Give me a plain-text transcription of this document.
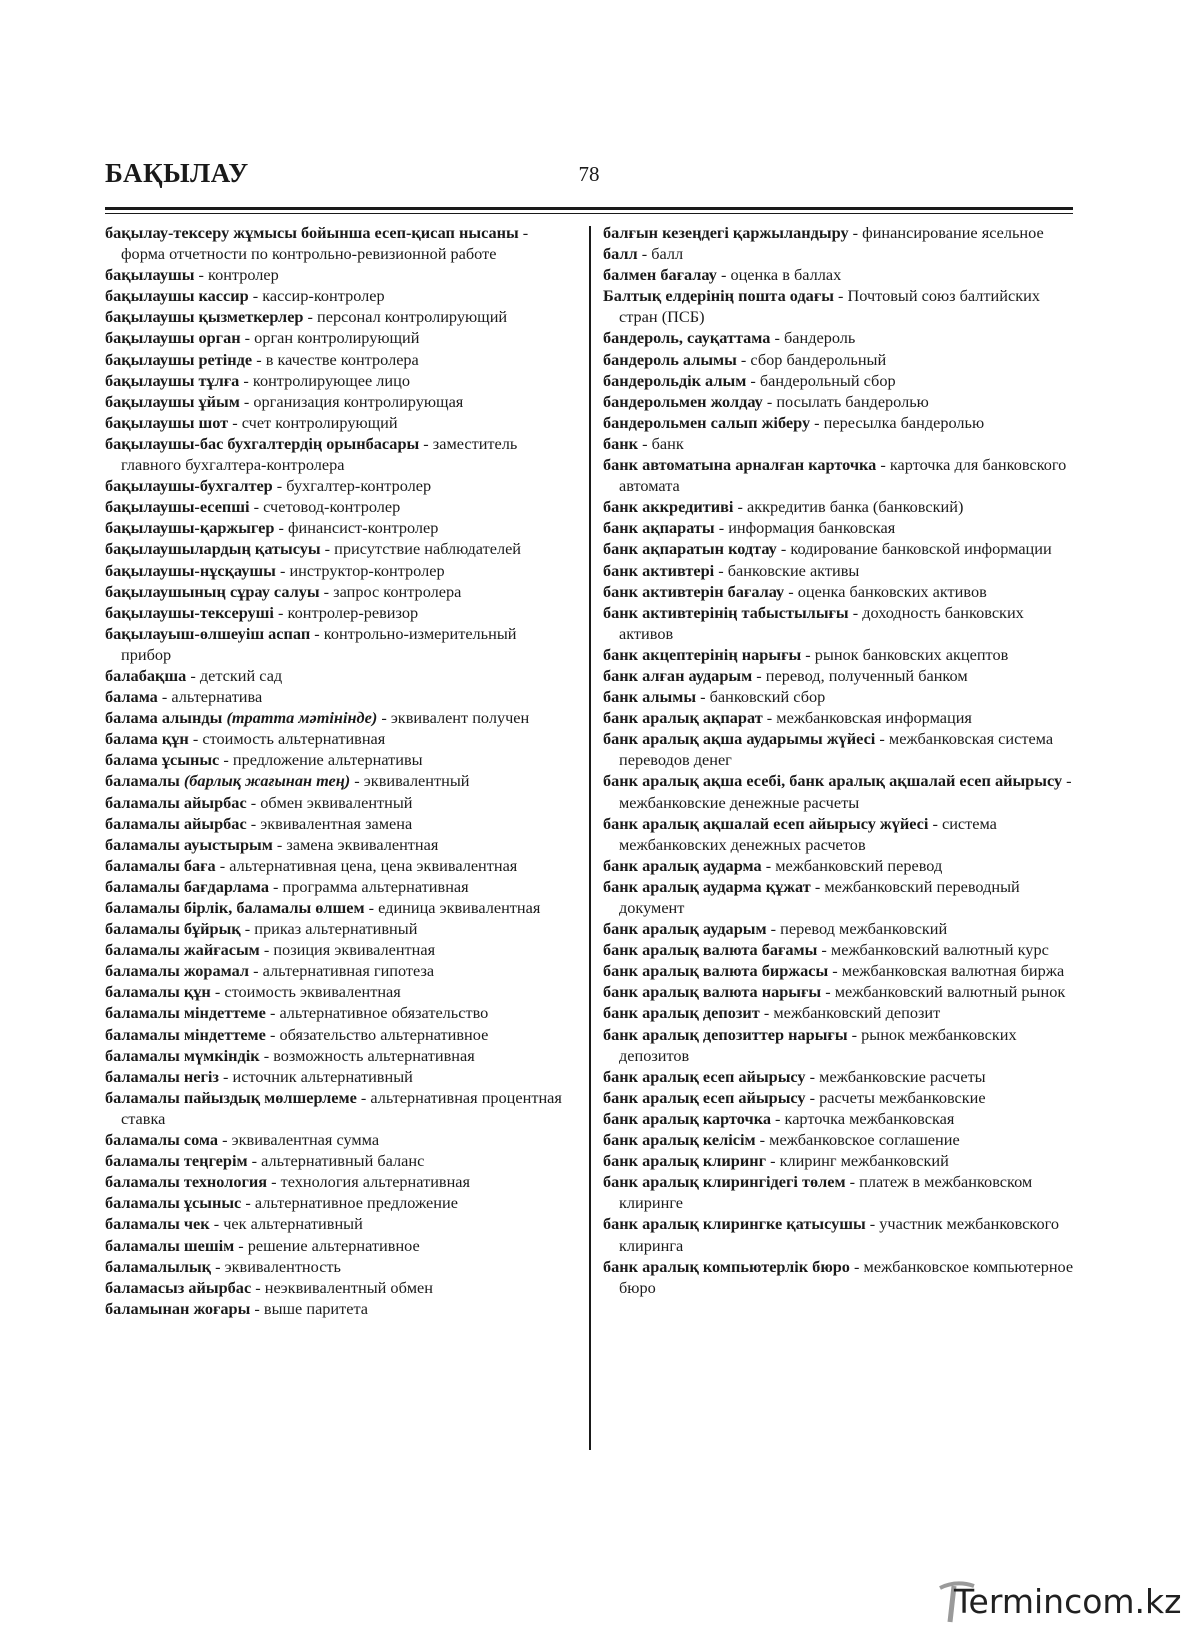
БАҚЫЛАУ	78

бақылау-тексеру жұмысы бойынша есеп-қисап нысаны - форма отчетности по контрольно-ревизионной работе

бақылаушы - контролер

бақылаушы кассир - кассир-контролер

бақылаушы қызметкерлер - персонал контролирующий

бақылаушы орган - орган контролирующий

бақылаушы ретінде - в качестве контролера

бақылаушы тұлға - контролирующее лицо

бақылаушы ұйым - организация контролирующая

бақылаушы шот - счет контролирующий

бақылаушы-бас бухгалтердің орынбасары - заместитель главного бухгалтера-контролера

бақылаушы-бухгалтер - бухгалтер-контролер

бақылаушы-есепші - счетовод-контролер

бақылаушы-қаржыгер - финансист-контролер

бақылаушылардың қатысуы - присутствие наблюдателей

бақылаушы-нұсқаушы - инструктор-контролер

бақылаушының сұрау салуы - запрос контролера

бақылаушы-тексеруші - контролер-ревизор

бақылауыш-өлшеуіш аспап - контрольно-измерительный прибор

балабақша - детский сад

балама - альтернатива

балама алынды (тратта мәтінінде) - эквивалент получен

балама құн - стоимость альтернативная

балама ұсыныс - предложение альтернативы

баламалы (барлық жағынан тең) - эквивалентный

баламалы айырбас - обмен эквивалентный

баламалы айырбас - эквивалентная замена

баламалы ауыстырым - замена эквивалентная

баламалы баға - альтернативная цена, цена эквивалентная

баламалы бағдарлама - программа альтернативная

баламалы бірлік, баламалы өлшем - единица эквивалентная

баламалы бұйрық - приказ альтернативный

баламалы жайғасым - позиция эквивалентная

баламалы жорамал - альтернативная гипотеза

баламалы құн - стоимость эквивалентная

баламалы міндеттеме - альтернативное обязательство

баламалы міндеттеме - обязательство альтернативное

баламалы мүмкіндік - возможность альтернативная

баламалы негіз - источник альтернативный

баламалы пайыздық мөлшерлеме - альтернативная процентная ставка

баламалы сома - эквивалентная сумма

баламалы теңгерім - альтернативный баланс

баламалы технология - технология альтернативная

баламалы ұсыныс - альтернативное предложение

баламалы чек - чек альтернативный

баламалы шешім - решение альтернативное

баламалылық - эквивалентность

баламасыз айырбас - неэквивалентный обмен

баламынан жоғары - выше паритета

балғын кезеңдегі қаржыландыру - финансирование ясельное

балл - балл

балмен бағалау - оценка в баллах

Балтық елдерінің пошта одағы - Почтовый союз балтийских стран (ПСБ)

бандероль, сауқаттама - бандероль

бандероль алымы - сбор бандерольный

бандерольдік алым - бандерольный сбор

бандерольмен жолдау - посылать бандеролью

бандерольмен салып жіберу - пересылка бандеролью

банк - банк

банк автоматына арналған карточка - карточка для банковского автомата

банк аккредитиві - аккредитив банка (банковский)

банк ақпараты - информация банковская

банк ақпаратын кодтау - кодирование банковской информации

банк активтері - банковские активы

банк активтерін бағалау - оценка банковских активов

банк активтерінің табыстылығы - доходность банковских активов

банк акцептерінің нарығы - рынок банковских акцептов

банк алған аударым - перевод, полученный банком

банк алымы - банковский сбор

банк аралық ақпарат - межбанковская информация

банк аралық ақша аударымы жүйесі - межбанковская система переводов денег

банк аралық ақша есебі, банк аралық ақшалай есеп айырысу - межбанковские денежные расчеты

банк аралық ақшалай есеп айырысу жүйесі - система межбанковских денежных расчетов

банк аралық аударма - межбанковский перевод

банк аралық аударма құжат - межбанковский переводный документ

банк аралық аударым - перевод межбанковский

банк аралық валюта бағамы - межбанковский валютный курс

банк аралық валюта биржасы - межбанковская валютная биржа

банк аралық валюта нарығы - межбанковский валютный рынок

банк аралық депозит - межбанковский депозит

банк аралық депозиттер нарығы - рынок межбанковских депозитов

банк аралық есеп айырысу - межбанковские расчеты

банк аралық есеп айырысу - расчеты межбанковские

банк аралық карточка - карточка межбанковская

банк аралық келісім - межбанковское соглашение

банк аралық клиринг - клиринг межбанковский

банк аралық клирингідегі төлем - платеж в межбанковском клиринге

банк аралық клирингке қатысушы - участник межбанковского клиринга

банк аралық компьютерлік бюро - межбанковское компьютерное бюро

Termincom.kz
